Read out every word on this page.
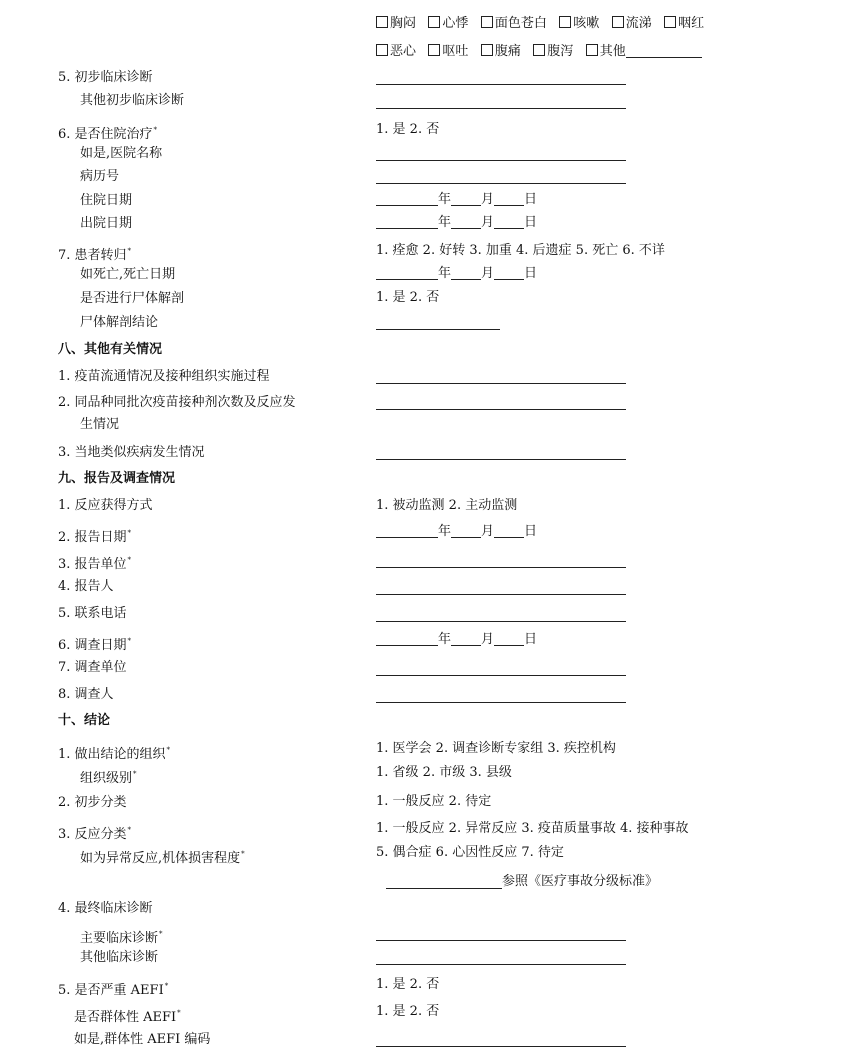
胸闷 心悸 面色苍白 咳嗽 流涕 咽红
恶心 呕吐 腹痛 腹泻 其他
5. 初步临床诊断
其他初步临床诊断
6. 是否住院治疗*	1. 是 2. 否
如是,医院名称
病历号
住院日期	年 月 日
出院日期	年 月 日
7. 患者转归*	1. 痊愈 2. 好转 3. 加重 4. 后遗症 5. 死亡 6. 不详
如死亡,死亡日期	年 月 日
是否进行尸体解剖	1. 是 2. 否
尸体解剖结论
八、其他有关情况
1. 疫苗流通情况及接种组织实施过程
2. 同品种同批次疫苗接种剂次数及反应发
生情况
3. 当地类似疾病发生情况
九、报告及调查情况
1. 反应获得方式	1. 被动监测 2. 主动监测
2. 报告日期*	年 月 日
3. 报告单位*
4. 报告人
5. 联系电话
6. 调查日期*	年 月 日
7. 调查单位
8. 调查人
十、结论
1. 做出结论的组织*	1. 医学会 2. 调查诊断专家组 3. 疾控机构
组织级别*	1. 省级 2. 市级 3. 县级
2. 初步分类	1. 一般反应 2. 待定
3. 反应分类*	1. 一般反应 2. 异常反应 3. 疫苗质量事故 4. 接种事故
如为异常反应,机体损害程度*	5. 偶合症 6. 心因性反应 7. 待定
参照《医疗事故分级标准》
4. 最终临床诊断
主要临床诊断*
其他临床诊断
5. 是否严重 AEFI*	1. 是 2. 否
是否群体性 AEFI*	1. 是 2. 否
如是,群体性 AEFI 编码
